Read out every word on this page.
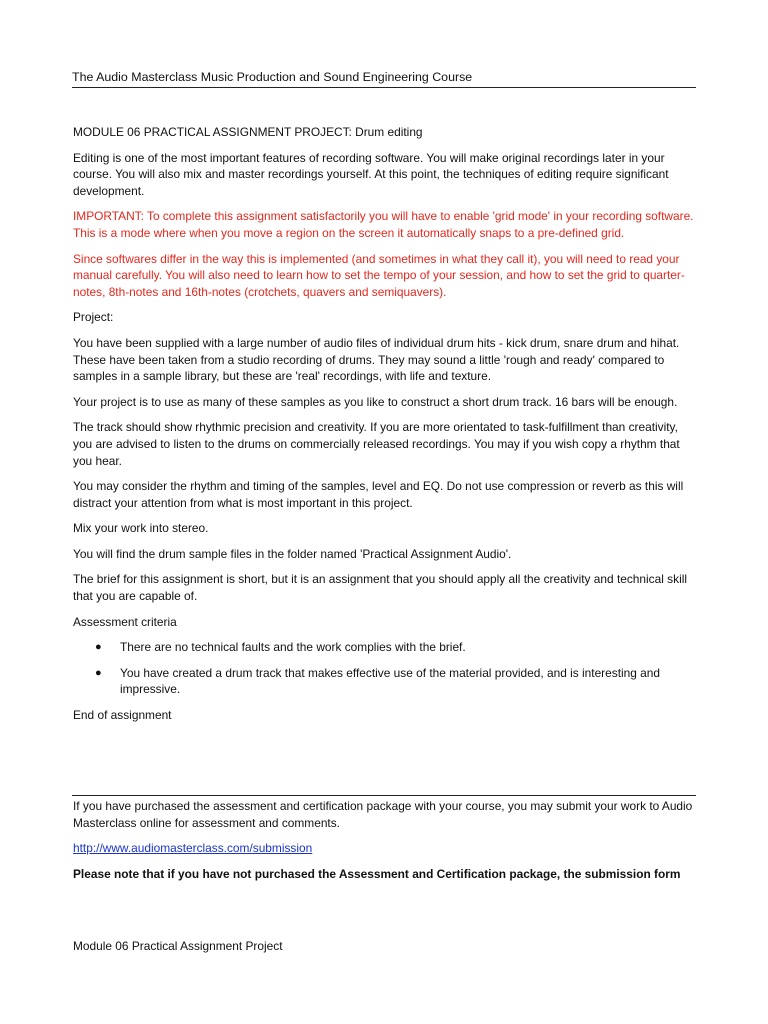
The Audio Masterclass Music Production and Sound Engineering Course

MODULE 06 PRACTICAL ASSIGNMENT PROJECT: Drum editing

Editing is one of the most important features of recording software. You will make original recordings later in your course. You will also mix and master recordings yourself. At this point, the techniques of editing require significant development.

IMPORTANT: To complete this assignment satisfactorily you will have to enable 'grid mode' in your recording software. This is a mode where when you move a region on the screen it automatically snaps to a pre-defined grid.

Since softwares differ in the way this is implemented (and sometimes in what they call it), you will need to read your manual carefully. You will also need to learn how to set the tempo of your session, and how to set the grid to quarter-notes, 8th-notes and 16th-notes (crotchets, quavers and semiquavers).

Project:

You have been supplied with a large number of audio files of individual drum hits - kick drum, snare drum and hihat. These have been taken from a studio recording of drums. They may sound a little 'rough and ready' compared to samples in a sample library, but these are 'real' recordings, with life and texture.

Your project is to use as many of these samples as you like to construct a short drum track. 16 bars will be enough.

The track should show rhythmic precision and creativity. If you are more orientated to task-fulfillment than creativity, you are advised to listen to the drums on commercially released recordings. You may if you wish copy a rhythm that you hear.

You may consider the rhythm and timing of the samples, level and EQ. Do not use compression or reverb as this will distract your attention from what is most important in this project.

Mix your work into stereo.

You will find the drum sample files in the folder named 'Practical Assignment Audio'.

The brief for this assignment is short, but it is an assignment that you should apply all the creativity and technical skill that you are capable of.

Assessment criteria

● There are no technical faults and the work complies with the brief.
● You have created a drum track that makes effective use of the material provided, and is interesting and impressive.

End of assignment

If you have purchased the assessment and certification package with your course, you may submit your work to Audio Masterclass online for assessment and comments.

http://www.audiomasterclass.com/submission

Please note that if you have not purchased the Assessment and Certification package, the submission form

Module 06 Practical Assignment Project
